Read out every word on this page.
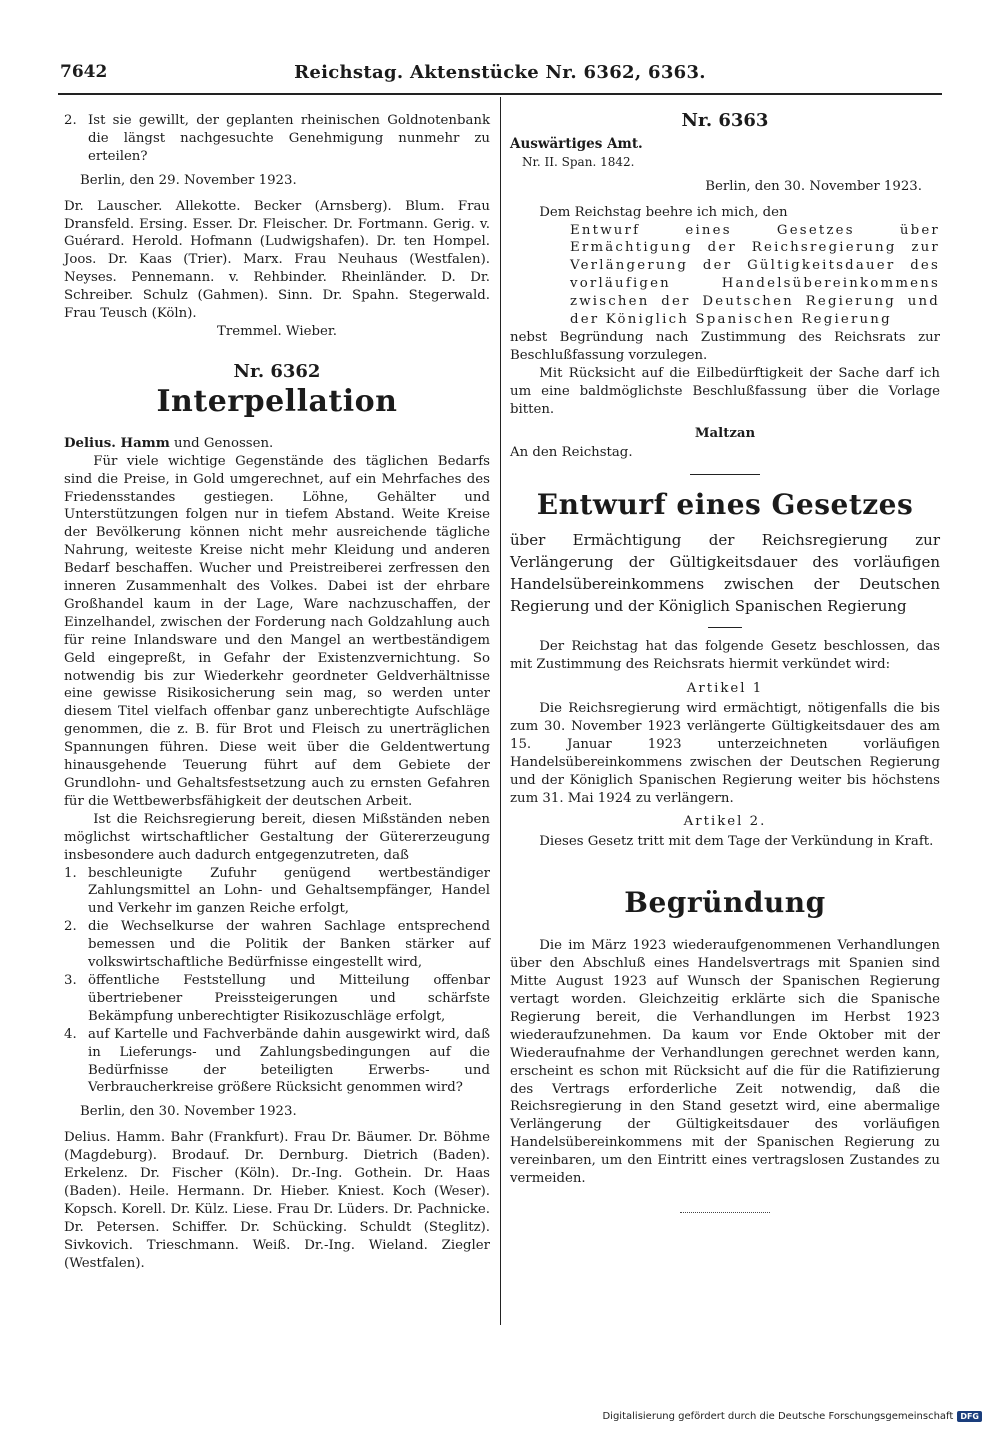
7642	Reichstag. Aktenstücke Nr. 6362, 6363.
2. Ist sie gewillt, der geplanten rheinischen Goldnotenbank die längst nachgesuchte Genehmigung nunmehr zu erteilen?

Berlin, den 29. November 1923.

Dr. Lauscher. Allekotte. Becker (Arnsberg). Blum. Frau Dransfeld. Ersing. Esser. Dr. Fleischer. Dr. Fortmann. Gerig. v. Guérard. Herold. Hofmann (Ludwigshafen). Dr. ten Hompel. Joos. Dr. Kaas (Trier). Marx. Frau Neuhaus (Westfalen). Neyses. Pennemann. v. Rehbinder. Rheinländer. D. Dr. Schreiber. Schulz (Gahmen). Sinn. Dr. Spahn. Stegerwald. Frau Teusch (Köln).

Tremmel. Wieber.

Nr. 6362
Interpellation

Delius. Hamm und Genossen.

Für viele wichtige Gegenstände des täglichen Bedarfs sind die Preise, in Gold umgerechnet, auf ein Mehrfaches des Friedensstandes gestiegen. Löhne, Gehälter und Unterstützungen folgen nur in tiefem Abstand. Weite Kreise der Bevölkerung können nicht mehr ausreichende tägliche Nahrung, weiteste Kreise nicht mehr Kleidung und anderen Bedarf beschaffen. Wucher und Preistreiberei zerfressen den inneren Zusammenhalt des Volkes. Dabei ist der ehrbare Großhandel kaum in der Lage, Ware nachzuschaffen, der Einzelhandel, zwischen der Forderung nach Goldzahlung auch für reine Inlandsware und den Mangel an wertbeständigem Geld eingepreßt, in Gefahr der Existenzvernichtung. So notwendig bis zur Wiederkehr geordneter Geldverhältnisse eine gewisse Risikosicherung sein mag, so werden unter diesem Titel vielfach offenbar ganz unberechtigte Aufschläge genommen, die z. B. für Brot und Fleisch zu unerträglichen Spannungen führen. Diese weit über die Geldentwertung hinausgehende Teuerung führt auf dem Gebiete der Grundlohn- und Gehaltsfestsetzung auch zu ernsten Gefahren für die Wettbewerbsfähigkeit der deutschen Arbeit.

Ist die Reichsregierung bereit, diesen Mißständen neben möglichst wirtschaftlicher Gestaltung der Gütererzeugung insbesondere auch dadurch entgegenzutreten, daß

1. beschleunigte Zufuhr genügend wertbeständiger Zahlungsmittel an Lohn- und Gehaltsempfänger, Handel und Verkehr im ganzen Reiche erfolgt,
2. die Wechselkurse der wahren Sachlage entsprechend bemessen und die Politik der Banken stärker auf volkswirtschaftliche Bedürfnisse eingestellt wird,
3. öffentliche Feststellung und Mitteilung offenbar übertriebener Preissteigerungen und schärfste Bekämpfung unberechtigter Risikozuschläge erfolgt,
4. auf Kartelle und Fachverbände dahin ausgewirkt wird, daß in Lieferungs- und Zahlungsbedingungen auf die Bedürfnisse der beteiligten Erwerbs- und Verbraucherkreise größere Rücksicht genommen wird?

Berlin, den 30. November 1923.

Delius. Hamm. Bahr (Frankfurt). Frau Dr. Bäumer. Dr. Böhme (Magdeburg). Brodauf. Dr. Dernburg. Dietrich (Baden). Erkelenz. Dr. Fischer (Köln). Dr.-Ing. Gothein. Dr. Haas (Baden). Heile. Hermann. Dr. Hieber. Kniest. Koch (Weser). Kopsch. Korell. Dr. Külz. Liese. Frau Dr. Lüders. Dr. Pachnicke. Dr. Petersen. Schiffer. Dr. Schücking. Schuldt (Steglitz). Sivkovich. Trieschmann. Weiß. Dr.-Ing. Wieland. Ziegler (Westfalen).

Nr. 6363
Auswärtiges Amt.
Nr. II. Span. 1842.

Berlin, den 30. November 1923.

Dem Reichstag beehre ich mich, den

Entwurf eines Gesetzes über Ermächtigung der Reichsregierung zur Verlängerung der Gültigkeitsdauer des vorläufigen Handelsübereinkommens zwischen der Deutschen Regierung und der Königlich Spanischen Regierung

nebst Begründung nach Zustimmung des Reichsrats zur Beschlußfassung vorzulegen.

Mit Rücksicht auf die Eilbedürftigkeit der Sache darf ich um eine baldmöglichste Beschlußfassung über die Vorlage bitten.

Maltzan

An den Reichstag.

Entwurf eines Gesetzes

über Ermächtigung der Reichsregierung zur Verlängerung der Gültigkeitsdauer des vorläufigen Handelsübereinkommens zwischen der Deutschen Regierung und der Königlich Spanischen Regierung

Der Reichstag hat das folgende Gesetz beschlossen, das mit Zustimmung des Reichsrats hiermit verkündet wird:

Artikel 1

Die Reichsregierung wird ermächtigt, nötigenfalls die bis zum 30. November 1923 verlängerte Gültigkeitsdauer des am 15. Januar 1923 unterzeichneten vorläufigen Handelsübereinkommens zwischen der Deutschen Regierung und der Königlich Spanischen Regierung weiter bis höchstens zum 31. Mai 1924 zu verlängern.

Artikel 2.

Dieses Gesetz tritt mit dem Tage der Verkündung in Kraft.

Begründung

Die im März 1923 wiederaufgenommenen Verhandlungen über den Abschluß eines Handelsvertrags mit Spanien sind Mitte August 1923 auf Wunsch der Spanischen Regierung vertagt worden. Gleichzeitig erklärte sich die Spanische Regierung bereit, die Verhandlungen im Herbst 1923 wiederaufzunehmen. Da kaum vor Ende Oktober mit der Wiederaufnahme der Verhandlungen gerechnet werden kann, erscheint es schon mit Rücksicht auf die für die Ratifizierung des Vertrags erforderliche Zeit notwendig, daß die Reichsregierung in den Stand gesetzt wird, eine abermalige Verlängerung der Gültigkeitsdauer des vorläufigen Handelsübereinkommens mit der Spanischen Regierung zu vereinbaren, um den Eintritt eines vertragslosen Zustandes zu vermeiden.

Digitalisierung gefördert durch die Deutsche Forschungsgemeinschaft DFG
